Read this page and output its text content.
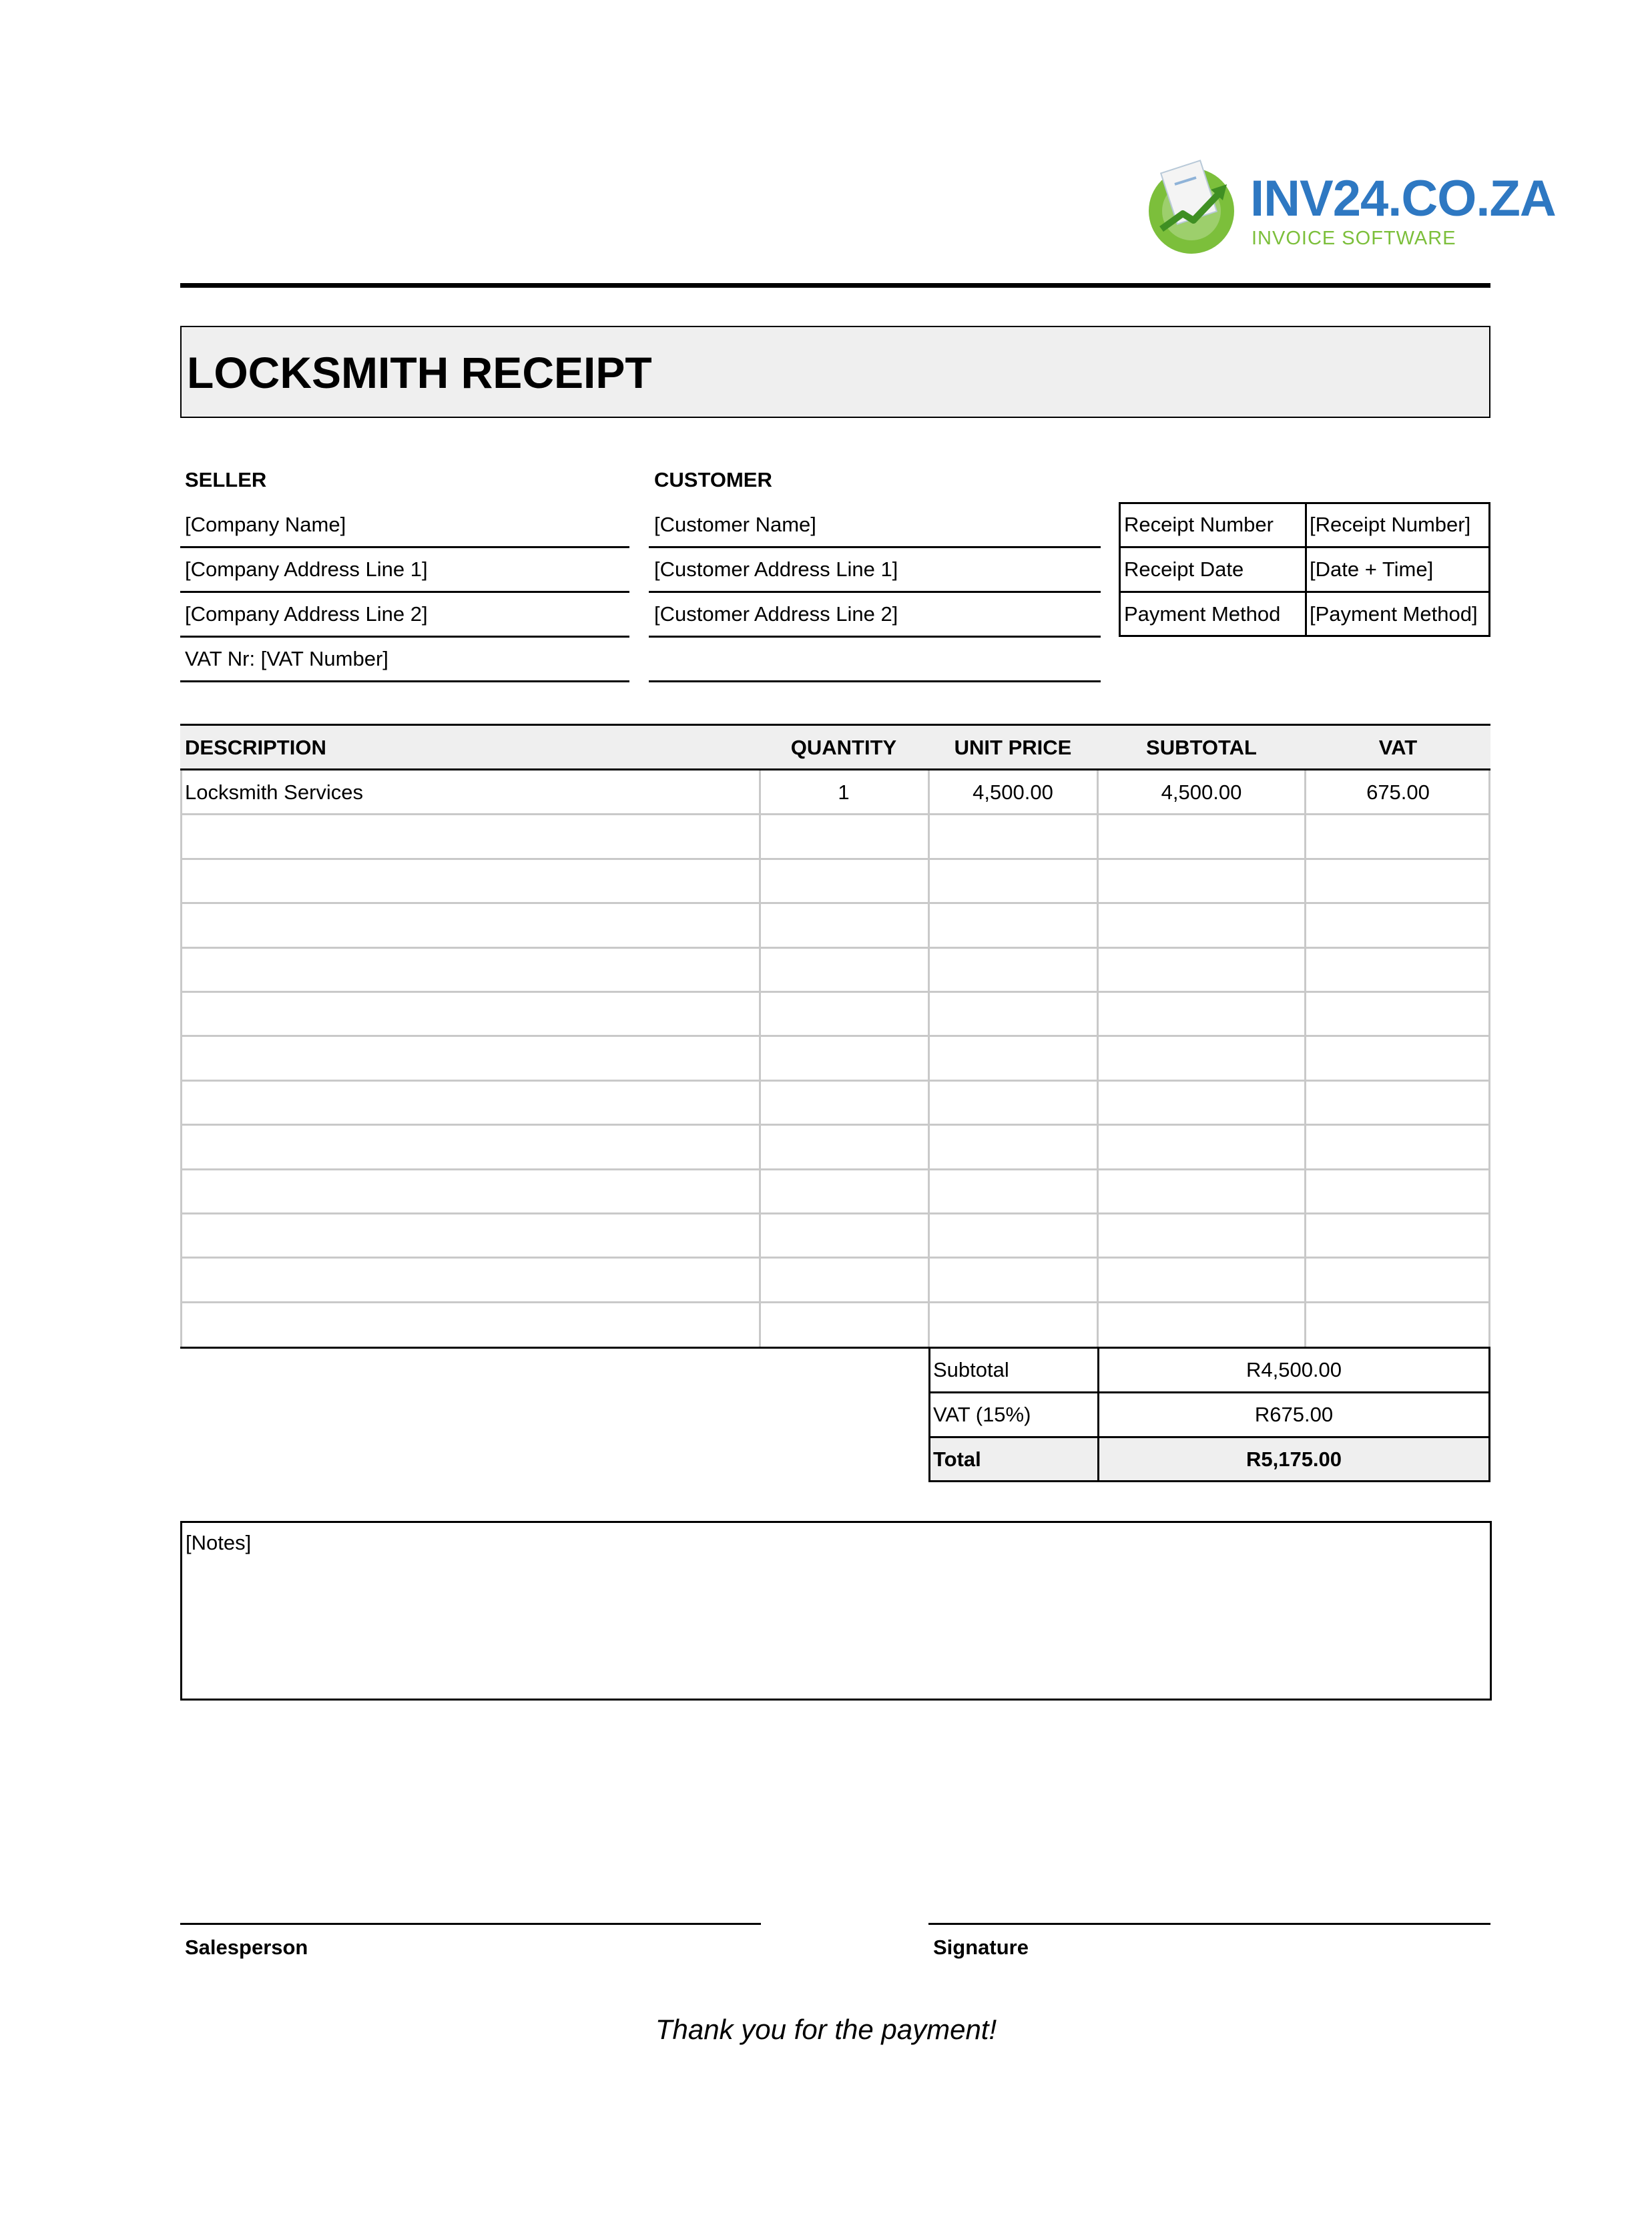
INV24.CO.ZA
INVOICE SOFTWARE
LOCKSMITH RECEIPT
SELLER
[Company Name]
[Company Address Line 1]
[Company Address Line 2]
VAT Nr: [VAT Number]
CUSTOMER
[Customer Name]
[Customer Address Line 1]
[Customer Address Line 2]
Receipt Number [Receipt Number]
Receipt Date	[Date + Time]
Payment Method [Payment Method]
DESCRIPTION	QUANTITY	UNIT PRICE	SUBTOTAL	VAT
Locksmith Services	1	4,500.00	4,500.00	675.00
Subtotal	R4,500.00
VAT (15%)	R675.00
Total	R5,175.00
[Notes]
Salesperson	Signature
Thank you for the payment!
